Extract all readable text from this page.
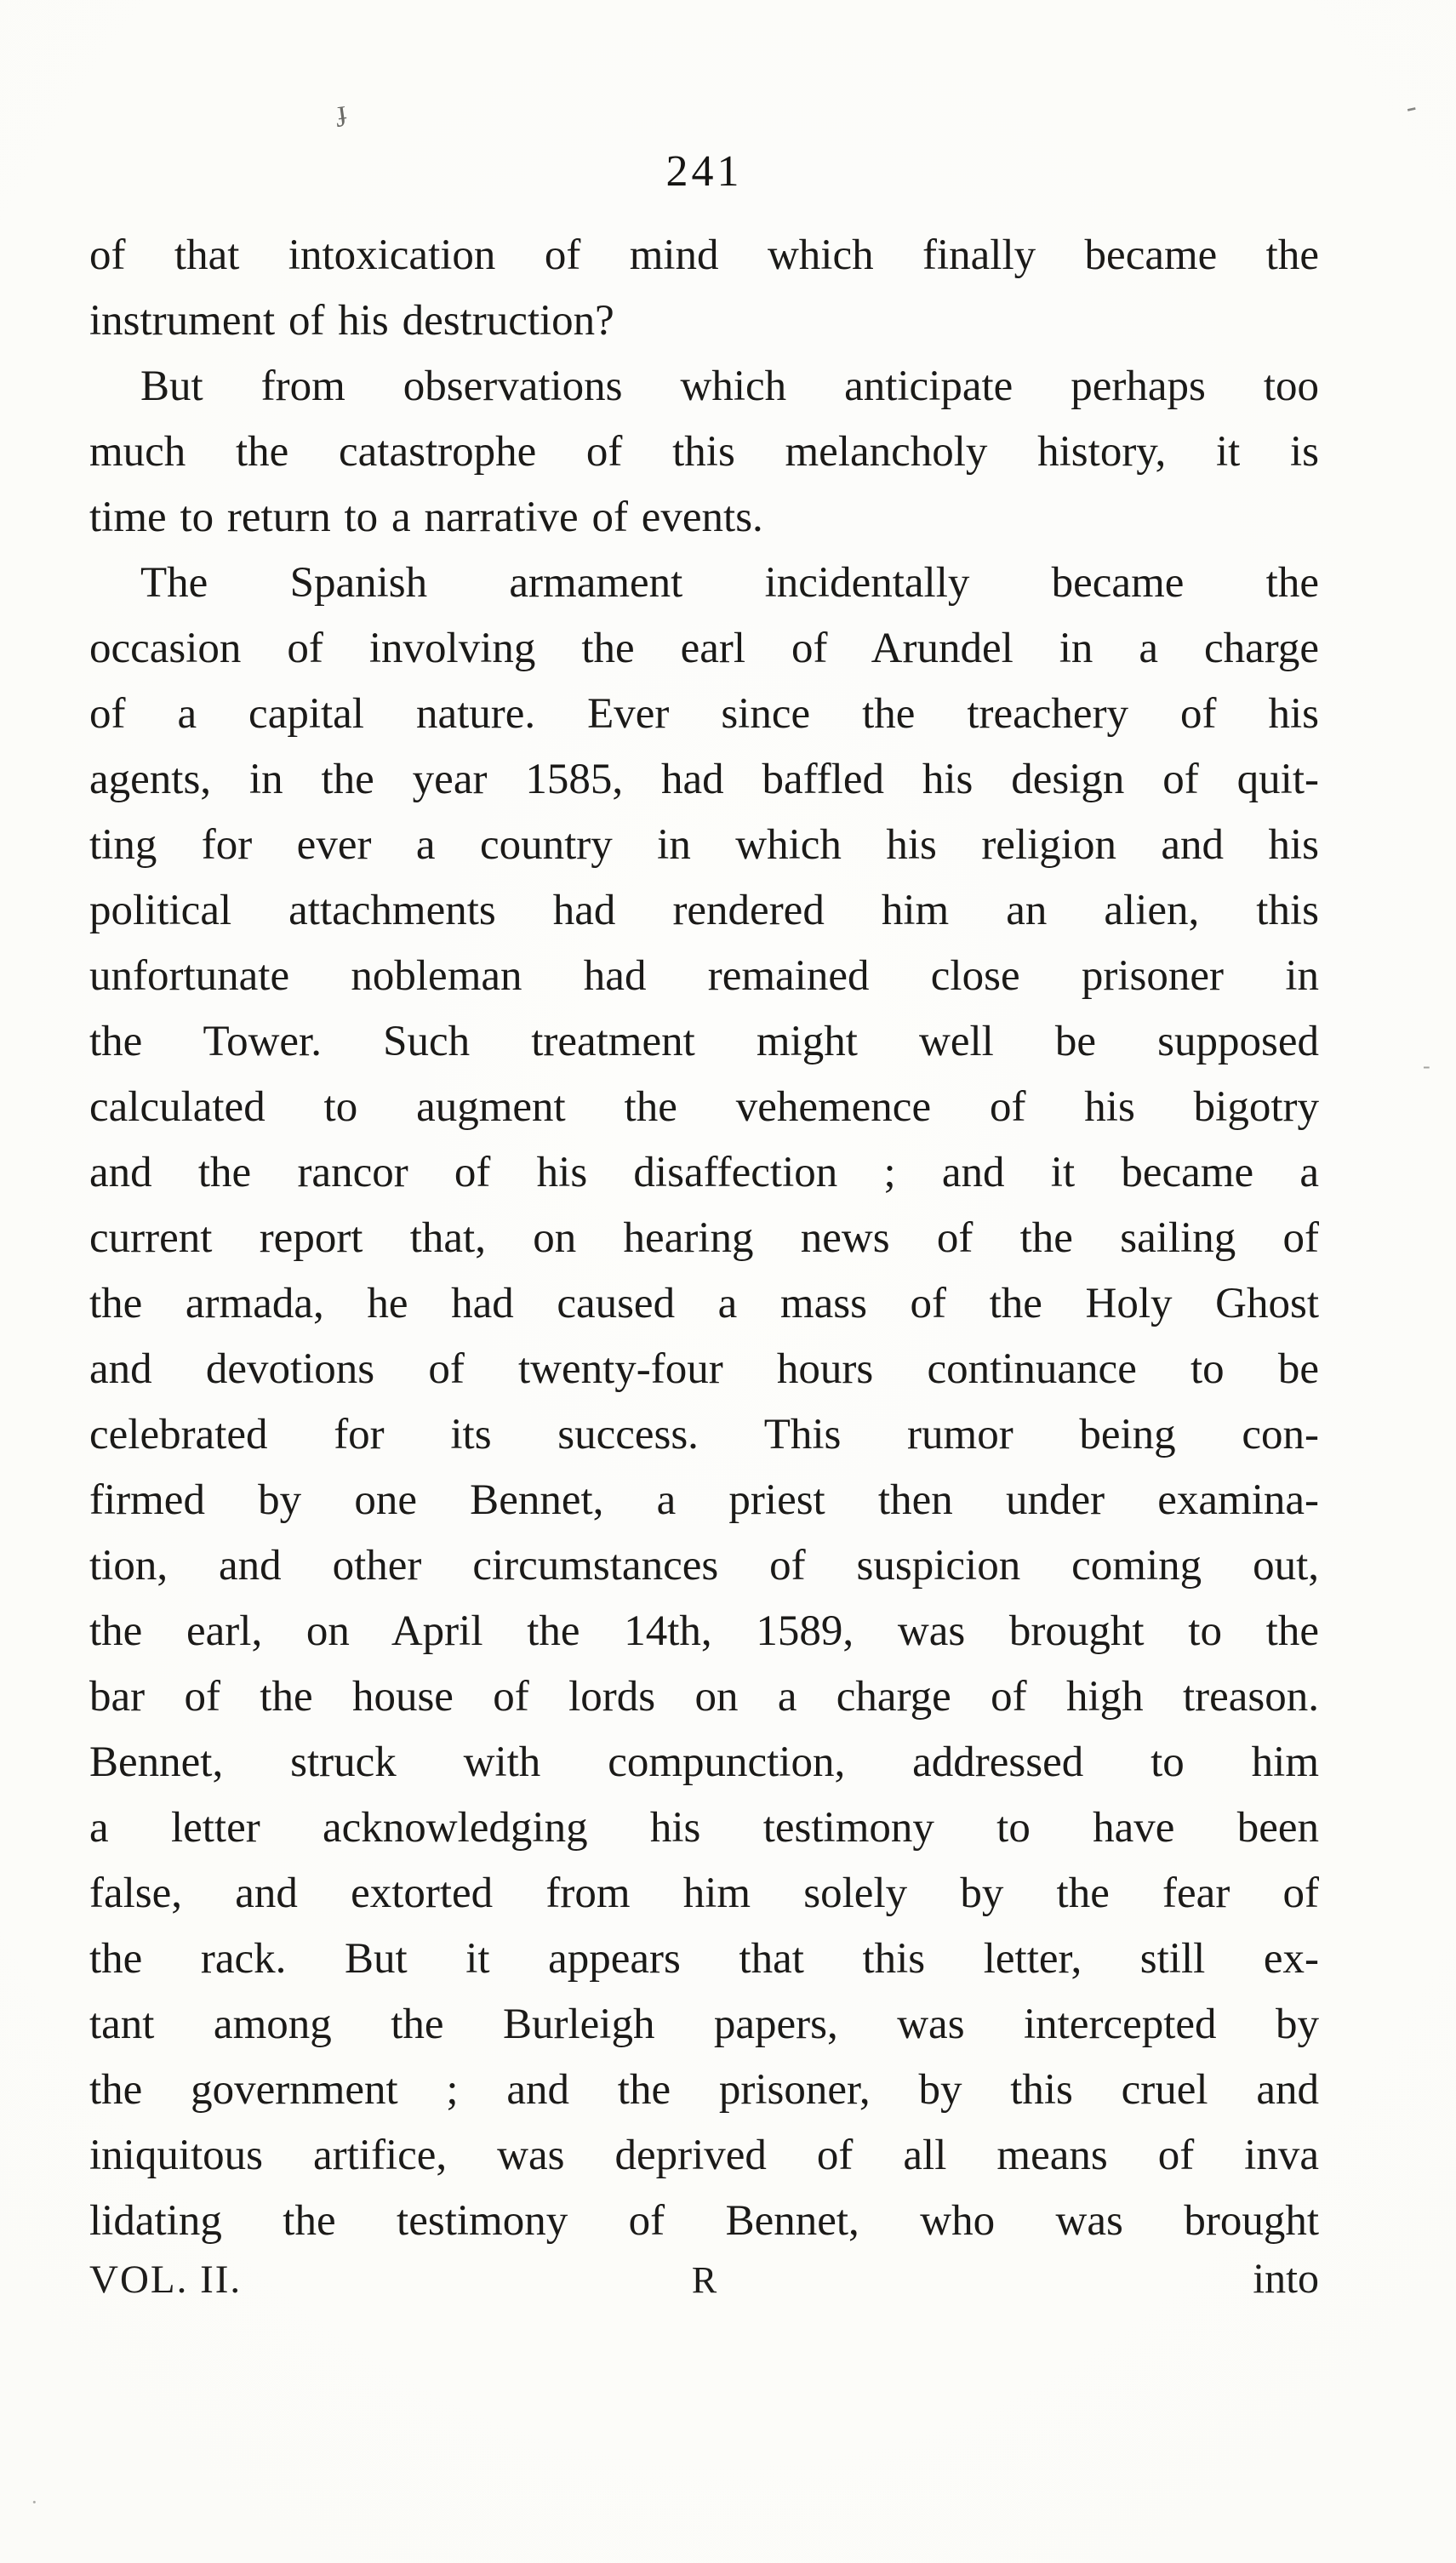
241
of that intoxication of mind which finally became the
instrument of his destruction?
But from observations which anticipate perhaps too
much the catastrophe of this melancholy history, it is
time to return to a narrative of events.
The Spanish armament incidentally became the
occasion of involving the earl of Arundel in a charge
of a capital nature. Ever since the treachery of his
agents, in the year 1585, had baffled his design of quit-
ting for ever a country in which his religion and his
political attachments had rendered him an alien, this
unfortunate nobleman had remained close prisoner in
the Tower. Such treatment might well be supposed
calculated to augment the vehemence of his bigotry
and the rancor of his disaffection ; and it became a
current report that, on hearing news of the sailing of
the armada, he had caused a mass of the Holy Ghost
and devotions of twenty-four hours continuance to be
celebrated for its success. This rumor being con-
firmed by one Bennet, a priest then under examina-
tion, and other circumstances of suspicion coming out,
the earl, on April the 14th, 1589, was brought to the
bar of the house of lords on a charge of high treason.
Bennet, struck with compunction, addressed to him
a letter acknowledging his testimony to have been
false, and extorted from him solely by the fear of
the rack. But it appears that this letter, still ex-
tant among the Burleigh papers, was intercepted by
the government ; and the prisoner, by this cruel and
iniquitous artifice, was deprived of all means of inva
lidating the testimony of Bennet, who was brought
VOL. II.	R	into
ɟ	-
-
·
